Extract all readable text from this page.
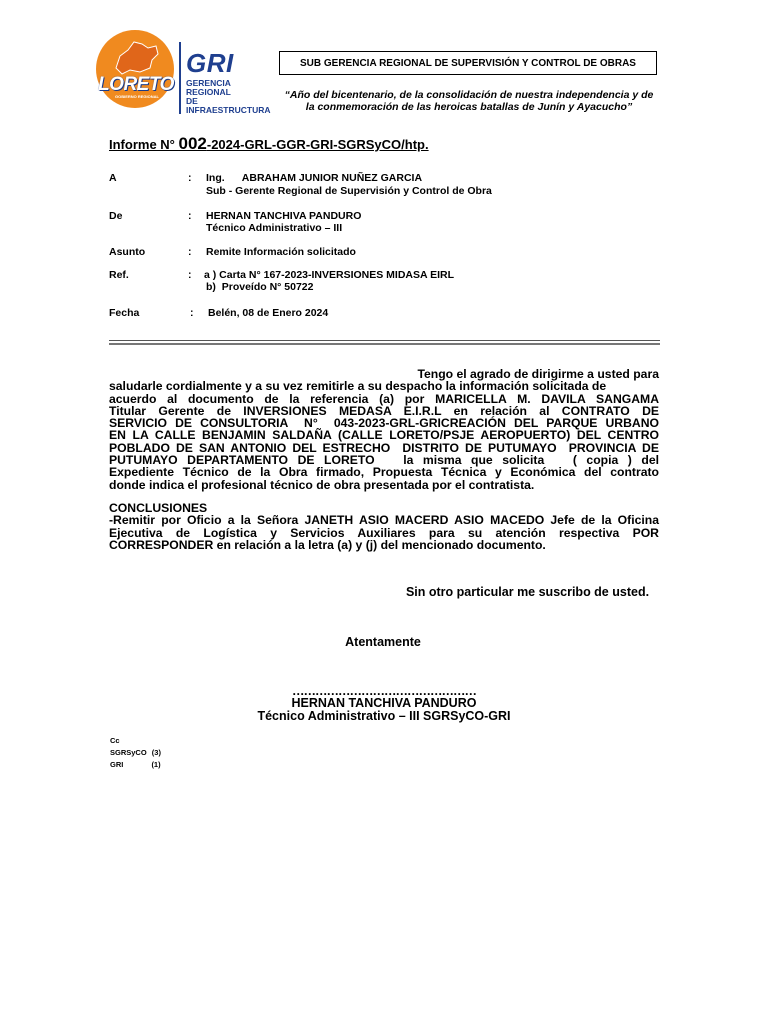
LORETO
GOBIERNO REGIONAL
GRI
GERENCIA REGIONAL
DE INFRAESTRUCTURA
SUB GERENCIA REGIONAL DE SUPERVISIÓN Y CONTROL DE OBRAS
“Año del bicentenario, de la consolidación de nuestra independencia y de
la conmemoración de las heroicas batallas de Junín y Ayacucho”
Informe N° 002-2024-GRL-GGR-GRI-SGRSyCO/htp.
A	: Ing.      ABRAHAM JUNIOR NUÑEZ GARCIA
Sub - Gerente Regional de Supervisión y Control de Obra
De	: HERNAN TANCHIVA PANDURO
Técnico Administrativo – III
Asunto	: Remite Información solicitado
Ref.	: a ) Carta N° 167-2023-INVERSIONES MIDASA EIRL
b)  Proveído N° 50722
Fecha	: Belén, 08 de Enero 2024
Tengo el agrado de dirigirme a usted para
saludarle cordialmente y a su vez remitirle a su despacho la información solicitada de
acuerdo al documento de la referencia (a) por MARICELLA M. DAVILA SANGAMA
Titular Gerente de INVERSIONES MEDASA E.I.R.L en relación al CONTRATO DE
SERVICIO DE CONSULTORIA  N°  043-2023-GRL-GRICREACIÓN DEL PARQUE URBANO
EN LA CALLE BENJAMIN SALDAÑA (CALLE LORETO/PSJE AEROPUERTO) DEL CENTRO
POBLADO DE SAN ANTONIO DEL ESTRECHO  DISTRITO DE PUTUMAYO  PROVINCIA DE
PUTUMAYO DEPARTAMENTO DE LORETO   la misma que solicita   ( copia ) del
Expediente Técnico de la Obra firmado, Propuesta Técnica y Económica del contrato
donde indica el profesional técnico de obra presentada por el contratista.
CONCLUSIONES
-Remitir por Oficio a la Señora JANETH ASIO MACERD ASIO MACEDO Jefe de la Oficina
Ejecutiva de Logística y Servicios Auxiliares para su atención respectiva POR
CORRESPONDER en relación a la letra (a) y (j) del mencionado documento.
Sin otro particular me suscribo de usted.
Atentamente
…………………………………………
HERNAN TANCHIVA PANDURO
Técnico Administrativo – III SGRSyCO-GRI
Cc
SGRSyCO (3)
GRI	(1)
